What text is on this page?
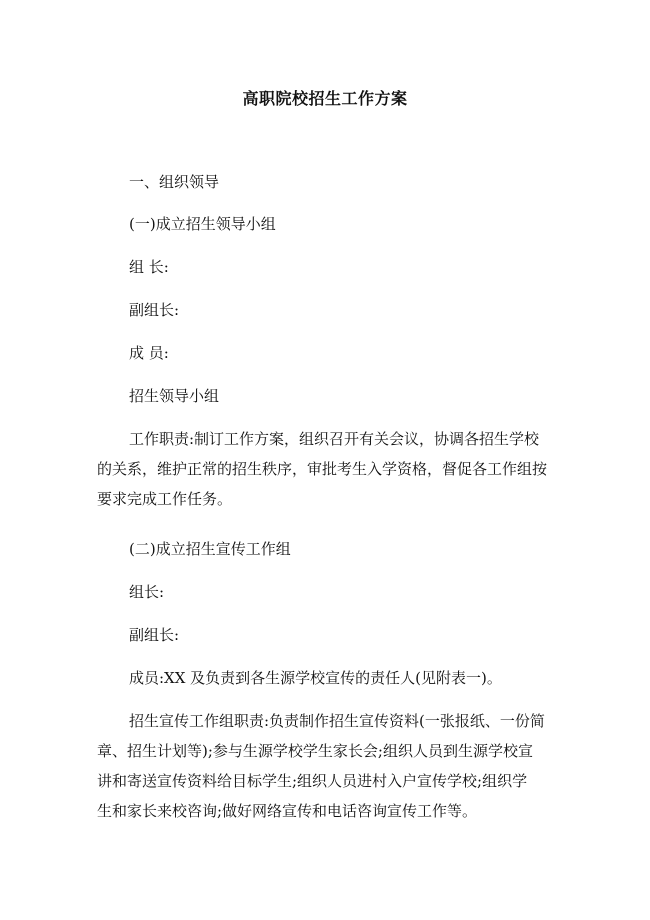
高职院校招生工作方案
一、组织领导
(一)成立招生领导小组
组 长:
副组长:
成 员:
招生领导小组
工作职责:制订工作方案，组织召开有关会议，协调各招生学校
的关系，维护正常的招生秩序，审批考生入学资格，督促各工作组按
要求完成工作任务。
(二)成立招生宣传工作组
组长:
副组长:
成员:XX 及负责到各生源学校宣传的责任人(见附表一)。
招生宣传工作组职责:负责制作招生宣传资料(一张报纸、一份简
章、招生计划等);参与生源学校学生家长会;组织人员到生源学校宣
讲和寄送宣传资料给目标学生;组织人员进村入户宣传学校;组织学
生和家长来校咨询;做好网络宣传和电话咨询宣传工作等。
